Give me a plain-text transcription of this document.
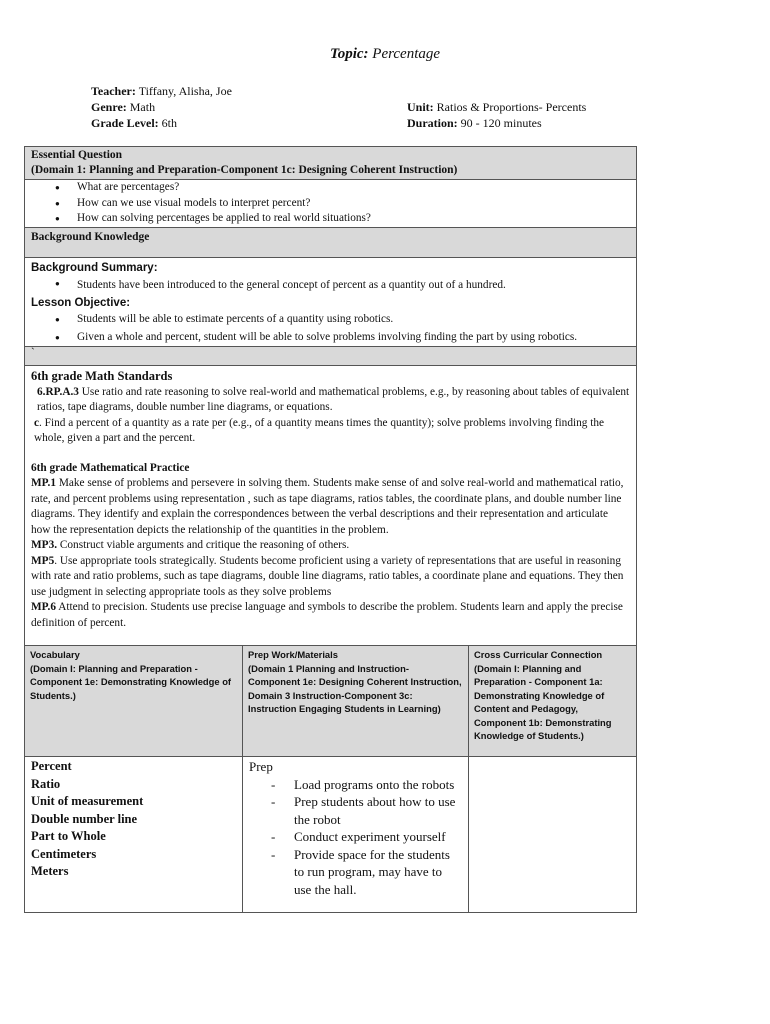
Topic: Percentage
Teacher: Tiffany, Alisha, Joe
Genre: Math
Grade Level: 6th
Unit: Ratios & Proportions- Percents
Duration: 90 - 120 minutes
Essential Question
(Domain 1: Planning and Preparation-Component 1c: Designing Coherent Instruction)
● What are percentages?
● How can we use visual models to interpret percent?
● How can solving percentages be applied to real world situations?
Background Knowledge
Background Summary:
● Students have been introduced to the general concept of percent as a quantity out of a hundred.
Lesson Objective:
● Students will be able to estimate percents of a quantity using robotics.
● Given a whole and percent, student will be able to solve problems involving finding the part by using robotics.
`
6th grade Math Standards
6.RP.A.3 Use ratio and rate reasoning to solve real-world and mathematical problems, e.g., by reasoning about tables of equivalent ratios, tape diagrams, double number line diagrams, or equations.
c. Find a percent of a quantity as a rate per (e.g., of a quantity means times the quantity); solve problems involving finding the whole, given a part and the percent.
6th grade Mathematical Practice
MP.1 Make sense of problems and persevere in solving them. Students make sense of and solve real-world and mathematical ratio, rate, and percent problems using representation , such as tape diagrams, ratios tables, the coordinate plans, and double number line diagrams. They identify and explain the correspondences between the verbal descriptions and their representation and articulate how the representation depicts the relationship of the quantities in the problem.
MP3. Construct viable arguments and critique the reasoning of others.
MP5. Use appropriate tools strategically. Students become proficient using a variety of representations that are useful in reasoning with rate and ratio problems, such as tape diagrams, double line diagrams, ratio tables, a coordinate plane and equations. They then use judgment in selecting appropriate tools as they solve problems
MP.6 Attend to precision. Students use precise language and symbols to describe the problem. Students learn and apply the precise definition of percent.
Vocabulary
(Domain I: Planning and Preparation - Component 1e: Demonstrating Knowledge of Students.)
Prep Work/Materials
(Domain 1 Planning and Instruction- Component 1e: Designing Coherent Instruction, Domain 3 Instruction-Component 3c: Instruction Engaging Students in Learning)
Cross Curricular Connection
(Domain I: Planning and Preparation - Component 1a: Demonstrating Knowledge of Content and Pedagogy, Component 1b: Demonstrating Knowledge of Students.)
Percent
Ratio
Unit of measurement
Double number line
Part to Whole
Centimeters
Meters
Prep
- Load programs onto the robots
- Prep students about how to use the robot
- Conduct experiment yourself
- Provide space for the students to run program, may have to use the hall.
